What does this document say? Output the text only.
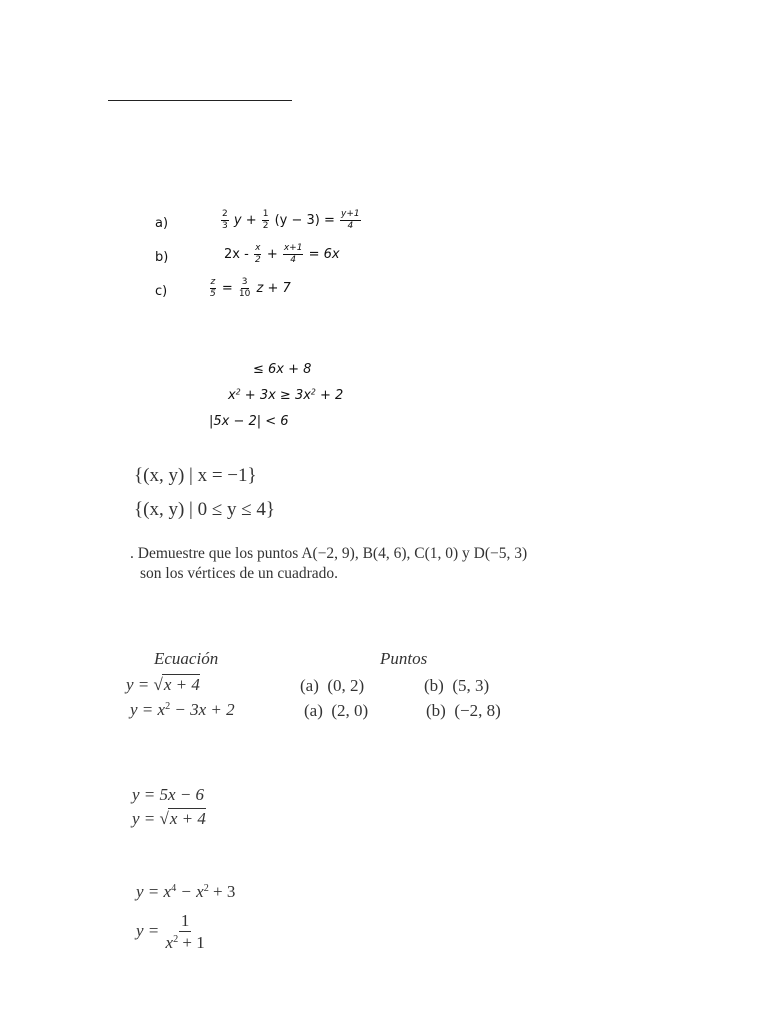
a)	$\frac{2}{3}$ $y + \frac{1}{2} (y - 3) = \frac{y+1}{4}$
b)	$2x - \frac{x}{2} + \frac{x+1}{4} = 6x$
c)	$\frac{z}{5} = \frac{3}{10}$ z + 7
≤ 6x + 8
$x^2 + 3x \ge 3x^2 + 2$
|5x − 2| < 6
{(x, y) | x = −1}
{(x, y) | 0 ≤ y ≤ 4}
. Demuestre que los puntos A(−2, 9), B(4, 6), C(1, 0) y D(−5, 3)
son los vértices de un cuadrado.
Ecuación	Puntos
y = √x + 4	(a) (0, 2)	(b) (5, 3)
$y = x^2 - 3x + 2$	(a) (2, 0)	(b) (−2, 8)
y = 5x − 6
y = √x + 4
$y = x^4 - x^2 + 3$
$y = \frac{1}{x^2 + 1}$
